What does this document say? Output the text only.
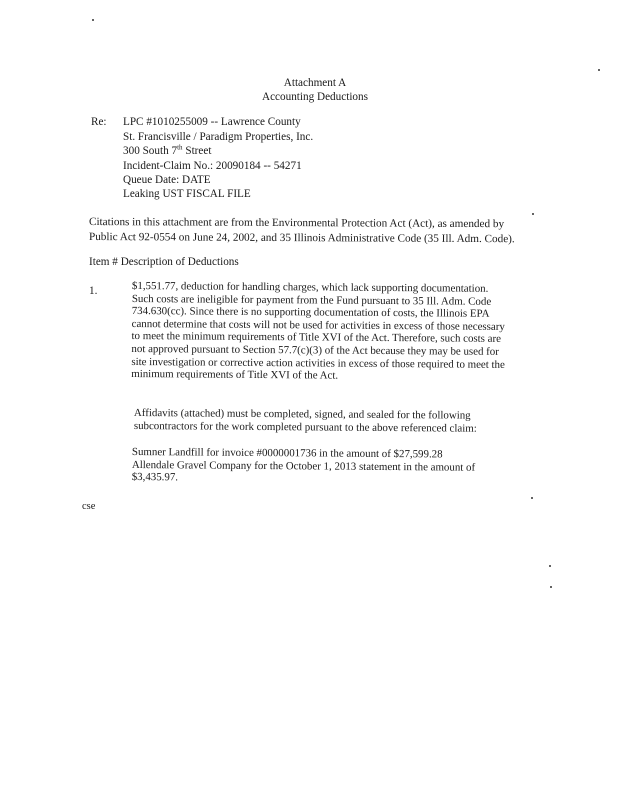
Attachment A
Accounting Deductions
Re: LPC #1010255009 -- Lawrence County
St. Francisville / Paradigm Properties, Inc.
300 South 7th Street
Incident-Claim No.: 20090184 -- 54271
Queue Date: DATE
Leaking UST FISCAL FILE
Citations in this attachment are from the Environmental Protection Act (Act), as amended by
Public Act 92-0554 on June 24, 2002, and 35 Illinois Administrative Code (35 Ill. Adm. Code).
Item # Description of Deductions
1.	$1,551.77, deduction for handling charges, which lack supporting documentation.
Such costs are ineligible for payment from the Fund pursuant to 35 Ill. Adm. Code
734.630(cc). Since there is no supporting documentation of costs, the Illinois EPA
cannot determine that costs will not be used for activities in excess of those necessary
to meet the minimum requirements of Title XVI of the Act. Therefore, such costs are
not approved pursuant to Section 57.7(c)(3) of the Act because they may be used for
site investigation or corrective action activities in excess of those required to meet the
minimum requirements of Title XVI of the Act.
Affidavits (attached) must be completed, signed, and sealed for the following
subcontractors for the work completed pursuant to the above referenced claim:
Sumner Landfill for invoice #0000001736 in the amount of $27,599.28
Allendale Gravel Company for the October 1, 2013 statement in the amount of
$3,435.97.
cse
